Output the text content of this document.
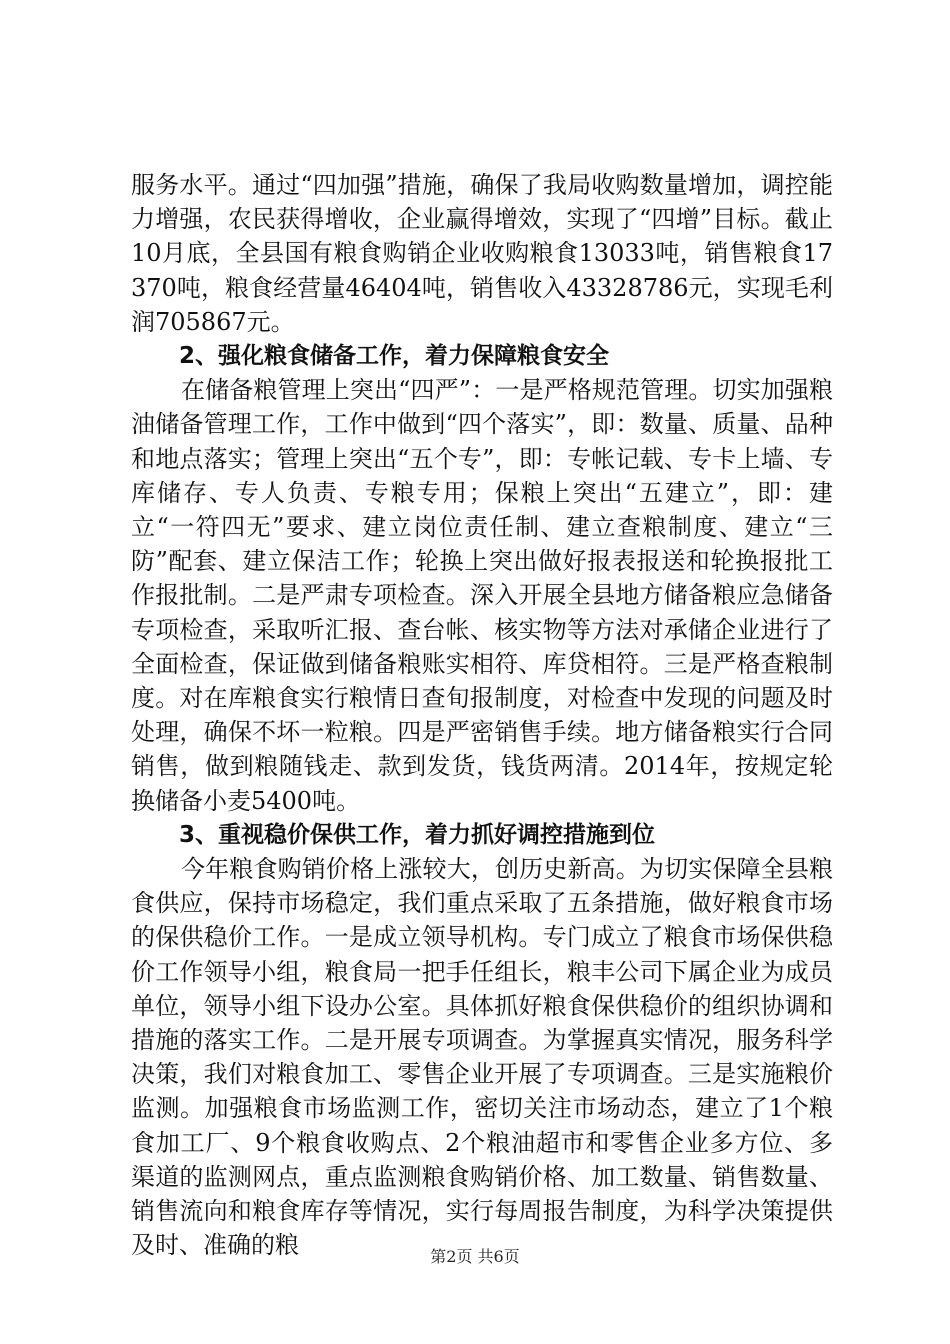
服务水平。通过“四加强”措施，确保了我局收购数量增加，调控能力增强，农民获得增收，企业赢得增效，实现了“四增”目标。截止10月底，全县国有粮食购销企业收购粮食13033吨，销售粮食17370吨，粮食经营量46404吨，销售收入43328786元，实现毛利润705867元。

2、强化粮食储备工作，着力保障粮食安全

在储备粮管理上突出“四严”：一是严格规范管理。切实加强粮油储备管理工作，工作中做到“四个落实”，即：数量、质量、品种和地点落实；管理上突出“五个专”，即：专帐记载、专卡上墙、专库储存、专人负责、专粮专用；保粮上突出“五建立”，即：建立“一符四无”要求、建立岗位责任制、建立查粮制度、建立“三防”配套、建立保洁工作；轮换上突出做好报表报送和轮换报批工作报批制。二是严肃专项检查。深入开展全县地方储备粮应急储备专项检查，采取听汇报、查台帐、核实物等方法对承储企业进行了全面检查，保证做到储备粮账实相符、库贷相符。三是严格查粮制度。对在库粮食实行粮情日查旬报制度，对检查中发现的问题及时处理，确保不坏一粒粮。四是严密销售手续。地方储备粮实行合同销售，做到粮随钱走、款到发货，钱货两清。2014年，按规定轮换储备小麦5400吨。

3、重视稳价保供工作，着力抓好调控措施到位

今年粮食购销价格上涨较大，创历史新高。为切实保障全县粮食供应，保持市场稳定，我们重点采取了五条措施，做好粮食市场的保供稳价工作。一是成立领导机构。专门成立了粮食市场保供稳价工作领导小组，粮食局一把手任组长，粮丰公司下属企业为成员单位，领导小组下设办公室。具体抓好粮食保供稳价的组织协调和措施的落实工作。二是开展专项调查。为掌握真实情况，服务科学决策，我们对粮食加工、零售企业开展了专项调查。三是实施粮价监测。加强粮食市场监测工作，密切关注市场动态，建立了1个粮食加工厂、9个粮食收购点、2个粮油超市和零售企业多方位、多渠道的监测网点，重点监测粮食购销价格、加工数量、销售数量、销售流向和粮食库存等情况，实行每周报告制度，为科学决策提供及时、准确的粮	第2页 共6页
